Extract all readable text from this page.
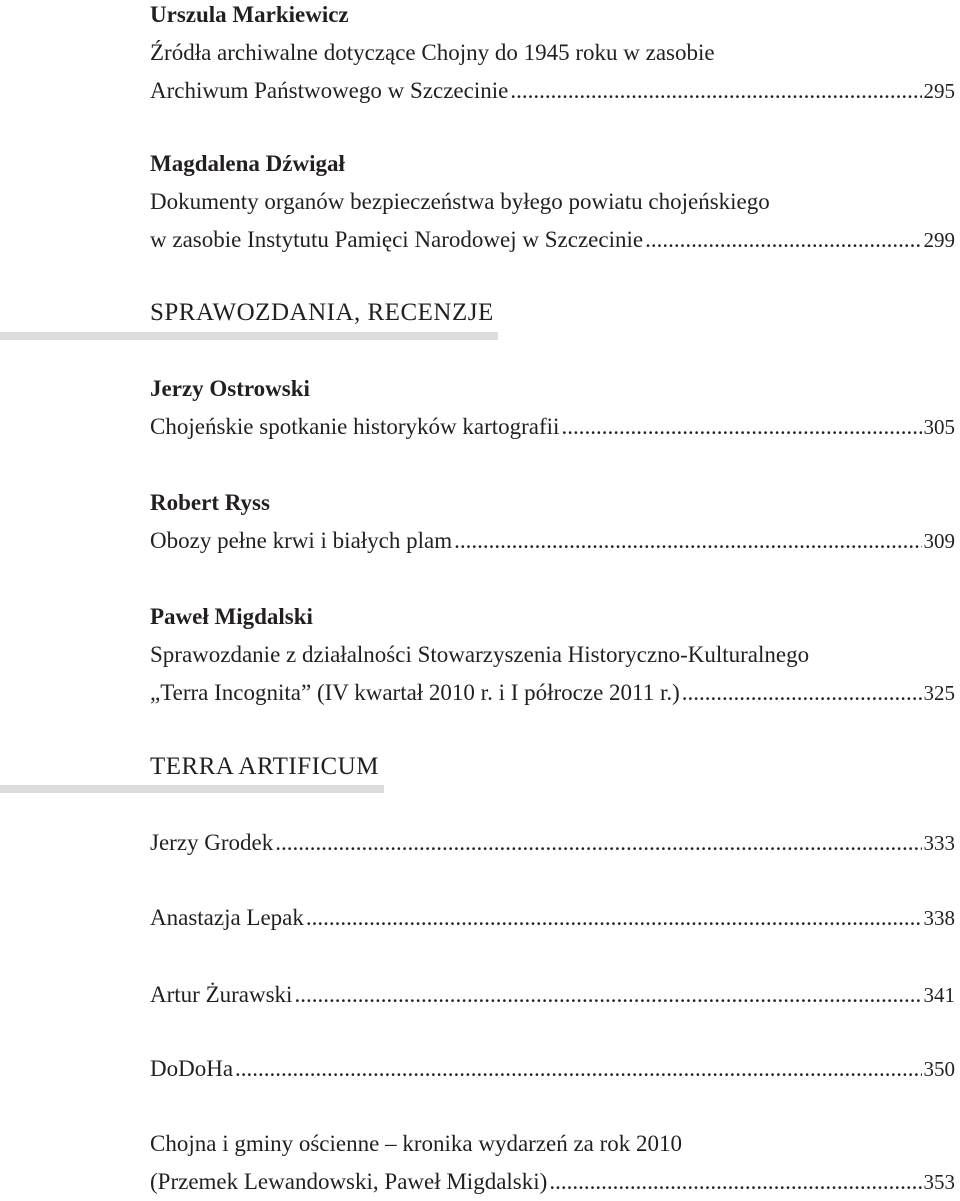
Urszula Markiewicz
Źródła archiwalne dotyczące Chojny do 1945 roku w zasobie
Archiwum Państwowego w Szczecinie .....	295
Magdalena Dźwigał
Dokumenty organów bezpieczeństwa byłego powiatu chojeńskiego
w zasobie Instytutu Pamięci Narodowej w Szczecinie .....	299
SPRAWOZDANIA, RECENZJE
Jerzy Ostrowski
Chojeńskie spotkanie historyków kartografii .....	305
Robert Ryss
Obozy pełne krwi i białych plam .....	309
Paweł Migdalski
Sprawozdanie z działalności Stowarzyszenia Historyczno-Kulturalnego
„Terra Incognita” (IV kwartał 2010 r. i I półrocze 2011 r.) .....	325
TERRA ARTIFICUM
Jerzy Grodek .....	333
Anastazja Lepak .....	338
Artur Żurawski .....	341
DoDoHa .....	350
Chojna i gminy ościenne – kronika wydarzeń za rok 2010
(Przemek Lewandowski, Paweł Migdalski) .....	353
